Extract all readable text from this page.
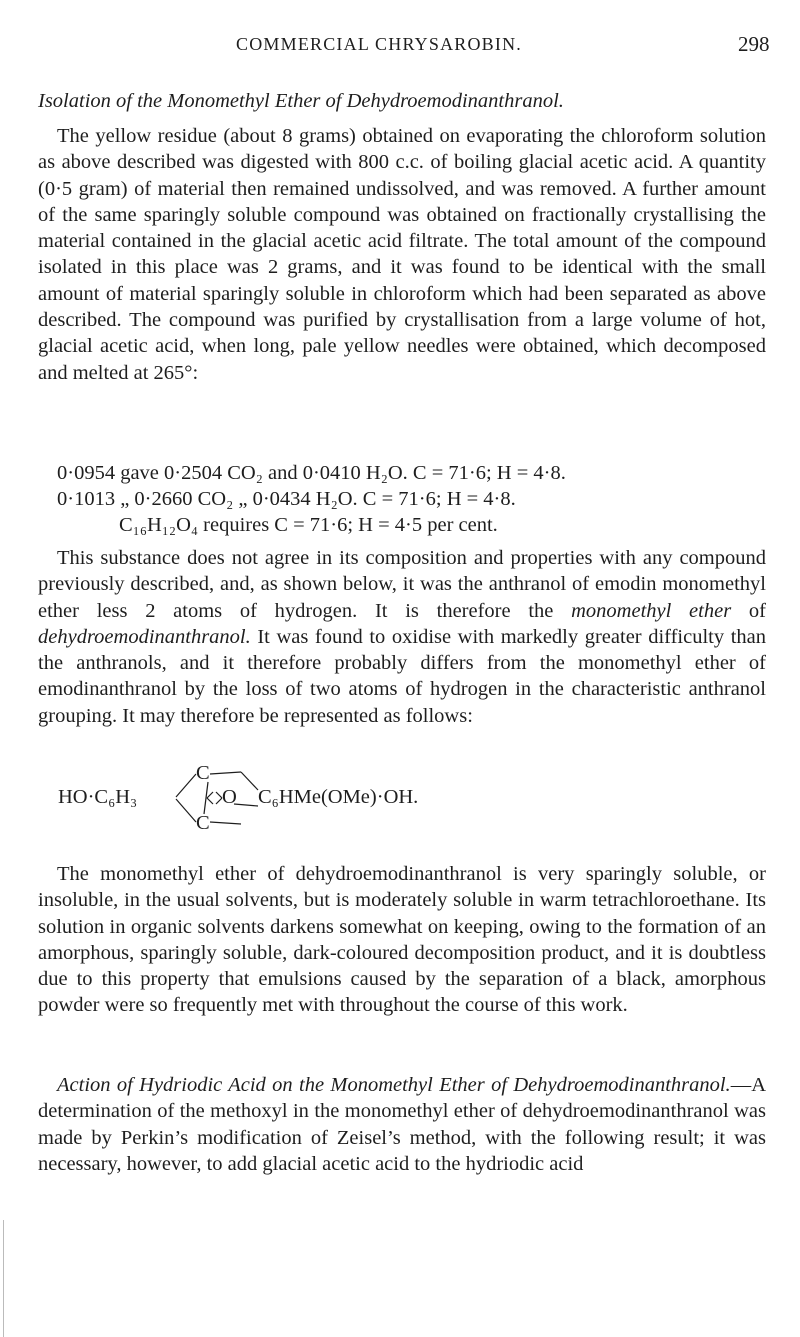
COMMERCIAL CHRYSAROBIN.	298
Isolation of the Monomethyl Ether of Dehydroemodinanthranol.

The yellow residue (about 8 grams) obtained on evaporating the chloroform solution as above described was digested with 800 c.c. of boiling glacial acetic acid. A quantity (0·5 gram) of material then remained undissolved, and was removed. A further amount of the same sparingly soluble compound was obtained on fractionally crystallising the material contained in the glacial acetic acid filtrate. The total amount of the compound isolated in this place was 2 grams, and it was found to be identical with the small amount of material sparingly soluble in chloroform which had been separated as above described. The compound was purified by crystallisation from a large volume of hot, glacial acetic acid, when long, pale yellow needles were obtained, which decomposed and melted at 265°:

0·0954 gave 0·2504 CO₂ and 0·0410 H₂O. C = 71·6; H = 4·8.
0·1013 „ 0·2660 CO₂ „ 0·0434 H₂O. C = 71·6; H = 4·8.
C₁₆H₁₂O₄ requires C = 71·6; H = 4·5 per cent.

This substance does not agree in its composition and properties with any compound previously described, and, as shown below, it was the anthranol of emodin monomethyl ether less 2 atoms of hydrogen. It is therefore the monomethyl ether of dehydroemodinanthranol. It was found to oxidise with markedly greater difficulty than the anthranols, and it therefore probably differs from the monomethyl ether of emodinanthranol by the loss of two atoms of hydrogen in the characteristic anthranol grouping. It may therefore be represented as follows:

HO·C₆H₃
C
C
O C₆HMe(OMe)·OH.

The monomethyl ether of dehydroemodinanthranol is very sparingly soluble, or insoluble, in the usual solvents, but is moderately soluble in warm tetrachloroethane. Its solution in organic solvents darkens somewhat on keeping, owing to the formation of an amorphous, sparingly soluble, dark-coloured decomposition product, and it is doubtless due to this property that emulsions caused by the separation of a black, amorphous powder were so frequently met with throughout the course of this work.

Action of Hydriodic Acid on the Monomethyl Ether of Dehydroemodinanthranol.—A determination of the methoxyl in the monomethyl ether of dehydroemodinanthranol was made by Perkin’s modification of Zeisel’s method, with the following result; it was necessary, however, to add glacial acetic acid to the hydriodic acid
